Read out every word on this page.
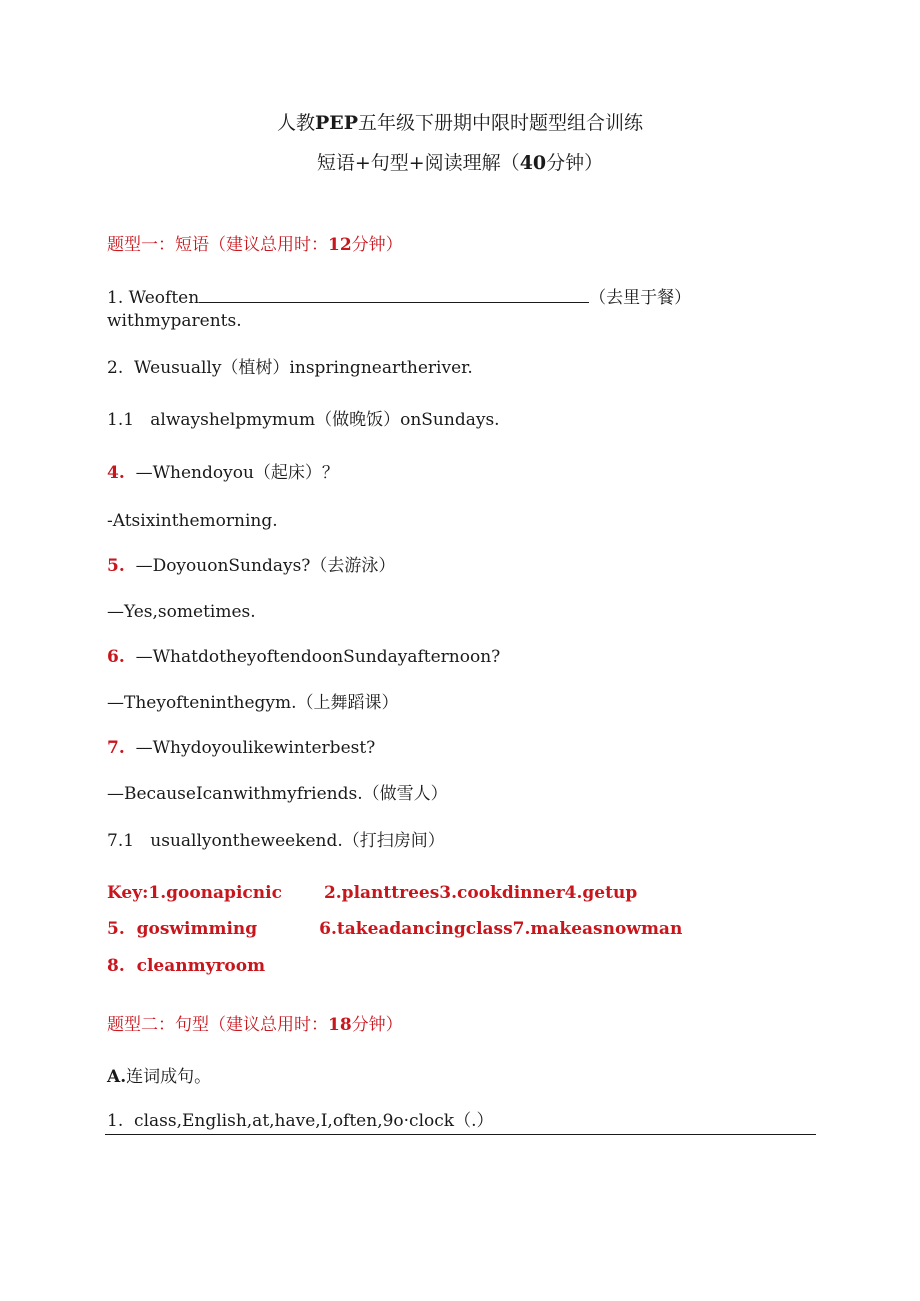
人教PEP五年级下册期中限时题型组合训练
短语+句型+阅读理解（40分钟）
题型一：短语（建议总用时：12分钟）
1. Weoften	（去里于餐）
withmyparents.
2. Weusually（植树）inspringneartheriver.
1.1 alwayshelpmymum（做晚饭）onSundays.
4. —Whendoyou（起床）？
-Atsixinthemorning.
5. —DoyouonSundays?（去游泳）
—Yes,sometimes.
6. —WhatdotheyoftendoonSundayafternoon?
—Theyofteninthegym.（上舞蹈课）
7. —Whydoyoulikewinterbest?
—BecauseIcanwithmyfriends.（做雪人）
7.1 usuallyontheweekend.（打扫房间）
Key:1.goonapicnic 2.planttrees3.cookdinner4.getup
5. goswimming	6.takeadancingclass7.makeasnowman
8. cleanmyroom
题型二：句型（建议总用时：18分钟）
A.连词成句。
1. class,English,at,have,I,often,9o·clock（.）
